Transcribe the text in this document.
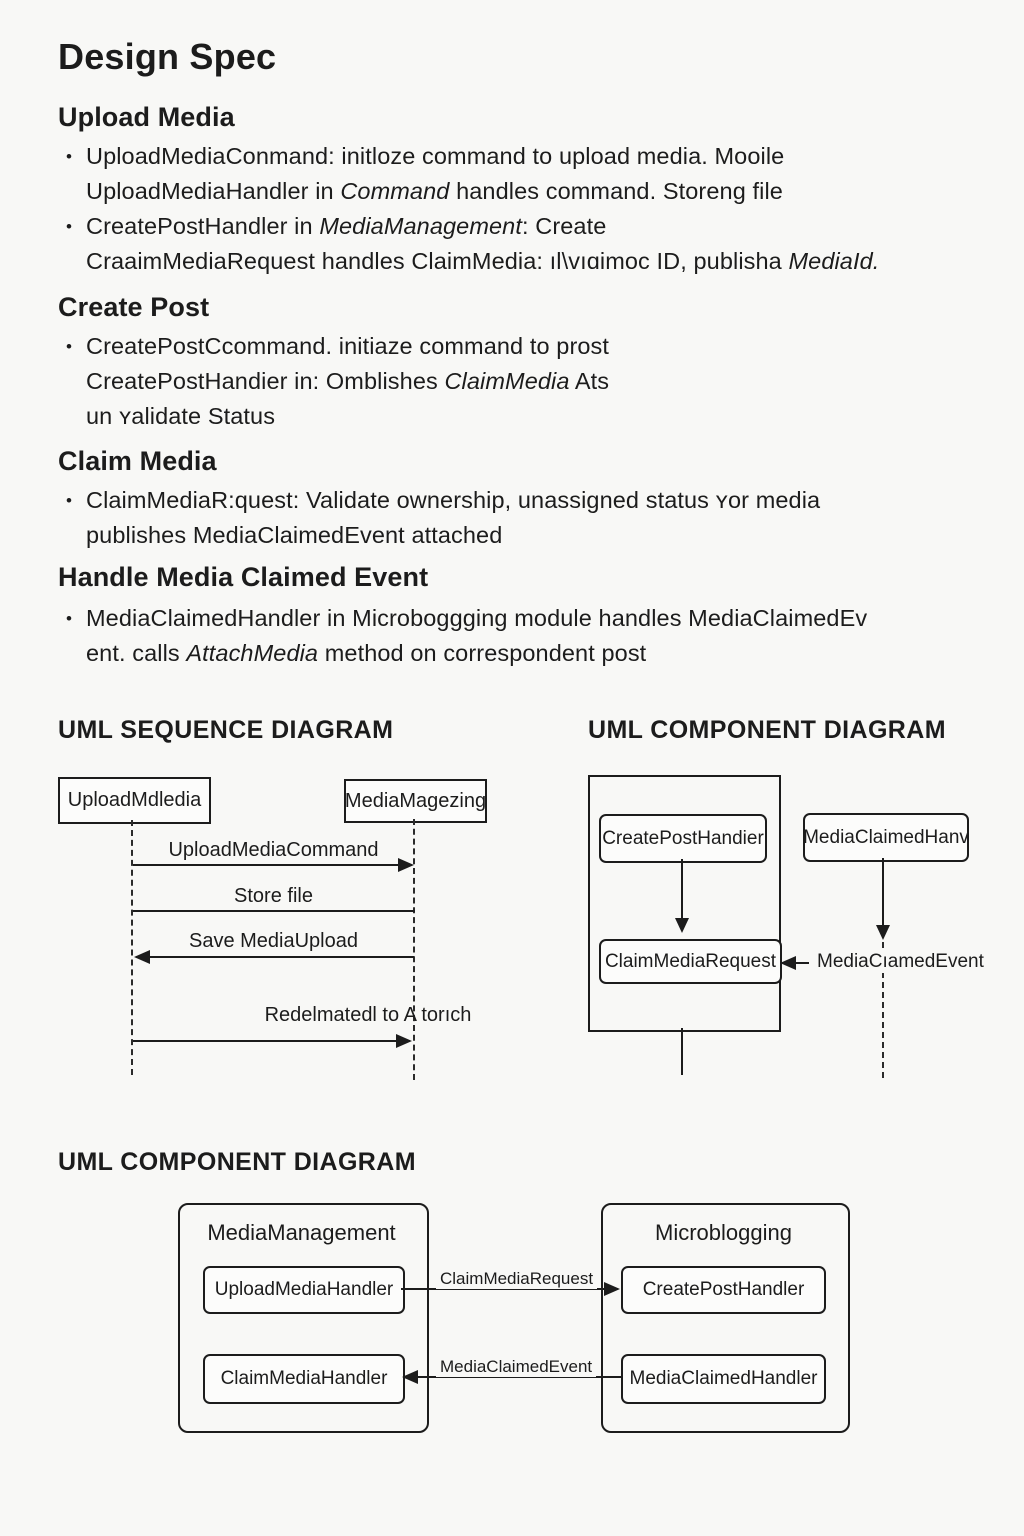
Design Spec
Upload Media
• UploadMediaConmand: initloze command to upload media. Mooile
UploadMediaHandler in Command handles command. Storeng file
• CreatePostHandler in MediaManagement: Create
CraaimMediaRequest handles ClaimMedia: ıl\vıɑimoc ID, publisha MediaId.
Create Post
• CreatePostCcommand. initiaze command to prost
CreatePostHandier in: Omblishes ClaimMedia Ats
un ʏalidate Status
Claim Media
• ClaimMediaR:quest: Validate ownership, unassigned status ʏor media
publishes MediaClaimedEvent attached
Handle Media Claimed Event
• MediaClaimedHandler in Microboggging module handles MediaClaimedEv
ent. calls AttachMedia method on correspondent post
UML SEQUENCE DIAGRAM
UploadMdledia	MediaMagezing
UploadMediaCommand
Store file
Save MediaUpload
Redelmatedl to A torıch
UML COMPONENT DIAGRAM
CreatePostHandier
ClaimMediaRequest
MediaClaimedHanv
MediaCıamedEvent
UML COMPONENT DIAGRAM
MediaManagement
UploadMediaHandler
ClaimMediaHandler
Microblogging
CreatePostHandler
MediaClaimedHandler
ClaimMediaRequest
MediaClaimedEvent
